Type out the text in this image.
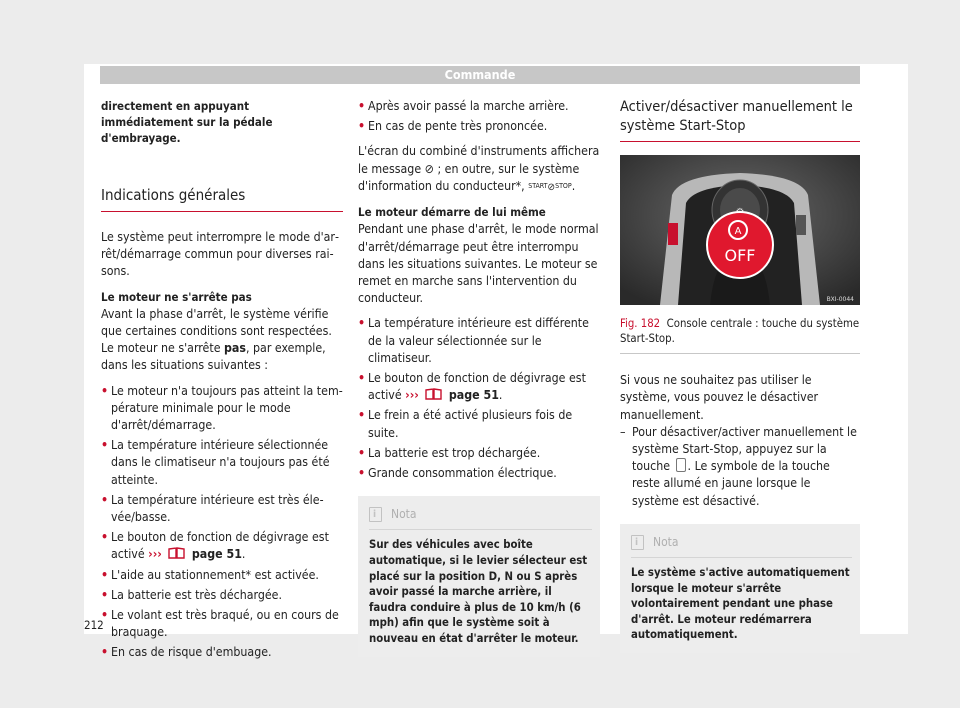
Commande

directement en appuyant immédiatement sur la pédale d'embrayage.

Indications générales

Le système peut interrompre le mode d'arrêt/démarrage commun pour diverses raisons.

Le moteur ne s'arrête pas

Avant la phase d'arrêt, le système vérifie que certaines conditions sont respectées. Le moteur ne s'arrête pas, par exemple, dans les situations suivantes :

• Le moteur n'a toujours pas atteint la température minimale pour le mode d'arrêt/démarrage.

• La température intérieure sélectionnée dans le climatiseur n'a toujours pas été atteinte.

• La température intérieure est très élevée/basse.

• Le bouton de fonction de dégivrage est activé ››› page 51.

• L'aide au stationnement* est activée.

• La batterie est très déchargée.

• Le volant est très braqué, ou en cours de braquage.

• En cas de risque d'embuage.

• Après avoir passé la marche arrière.

• En cas de pente très prononcée.

L'écran du combiné d'instruments affichera le message ⊘ ; en outre, sur le système d'information du conducteur*, START⊘STOP.

Le moteur démarre de lui même

Pendant une phase d'arrêt, le mode normal d'arrêt/démarrage peut être interrompu dans les situations suivantes. Le moteur se remet en marche sans l'intervention du conducteur.

• La température intérieure est différente de la valeur sélectionnée sur le climatiseur.

• Le bouton de fonction de dégivrage est activé ››› page 51.

• Le frein a été activé plusieurs fois de suite.

• La batterie est trop déchargée.

• Grande consommation électrique.

i
Nota

Sur des véhicules avec boîte automatique, si le levier sélecteur est placé sur la position D, N ou S après avoir passé la marche arrière, il faudra conduire à plus de 10 km/h (6 mph) afin que le système soit à nouveau en état d'arrêter le moteur.

Activer/désactiver manuellement le système Start-Stop
A
OFF
BXI-0044

Fig. 182 Console centrale : touche du système Start-Stop.

Si vous ne souhaitez pas utiliser le système, vous pouvez le désactiver manuellement.

– Pour désactiver/activer manuellement le système Start-Stop, appuyez sur la touche . Le symbole de la touche reste allumé en jaune lorsque le système est désactivé.

i
Nota

Le système s'active automatiquement lorsque le moteur s'arrête volontairement pendant une phase d'arrêt. Le moteur redémarrera automatiquement.

212
